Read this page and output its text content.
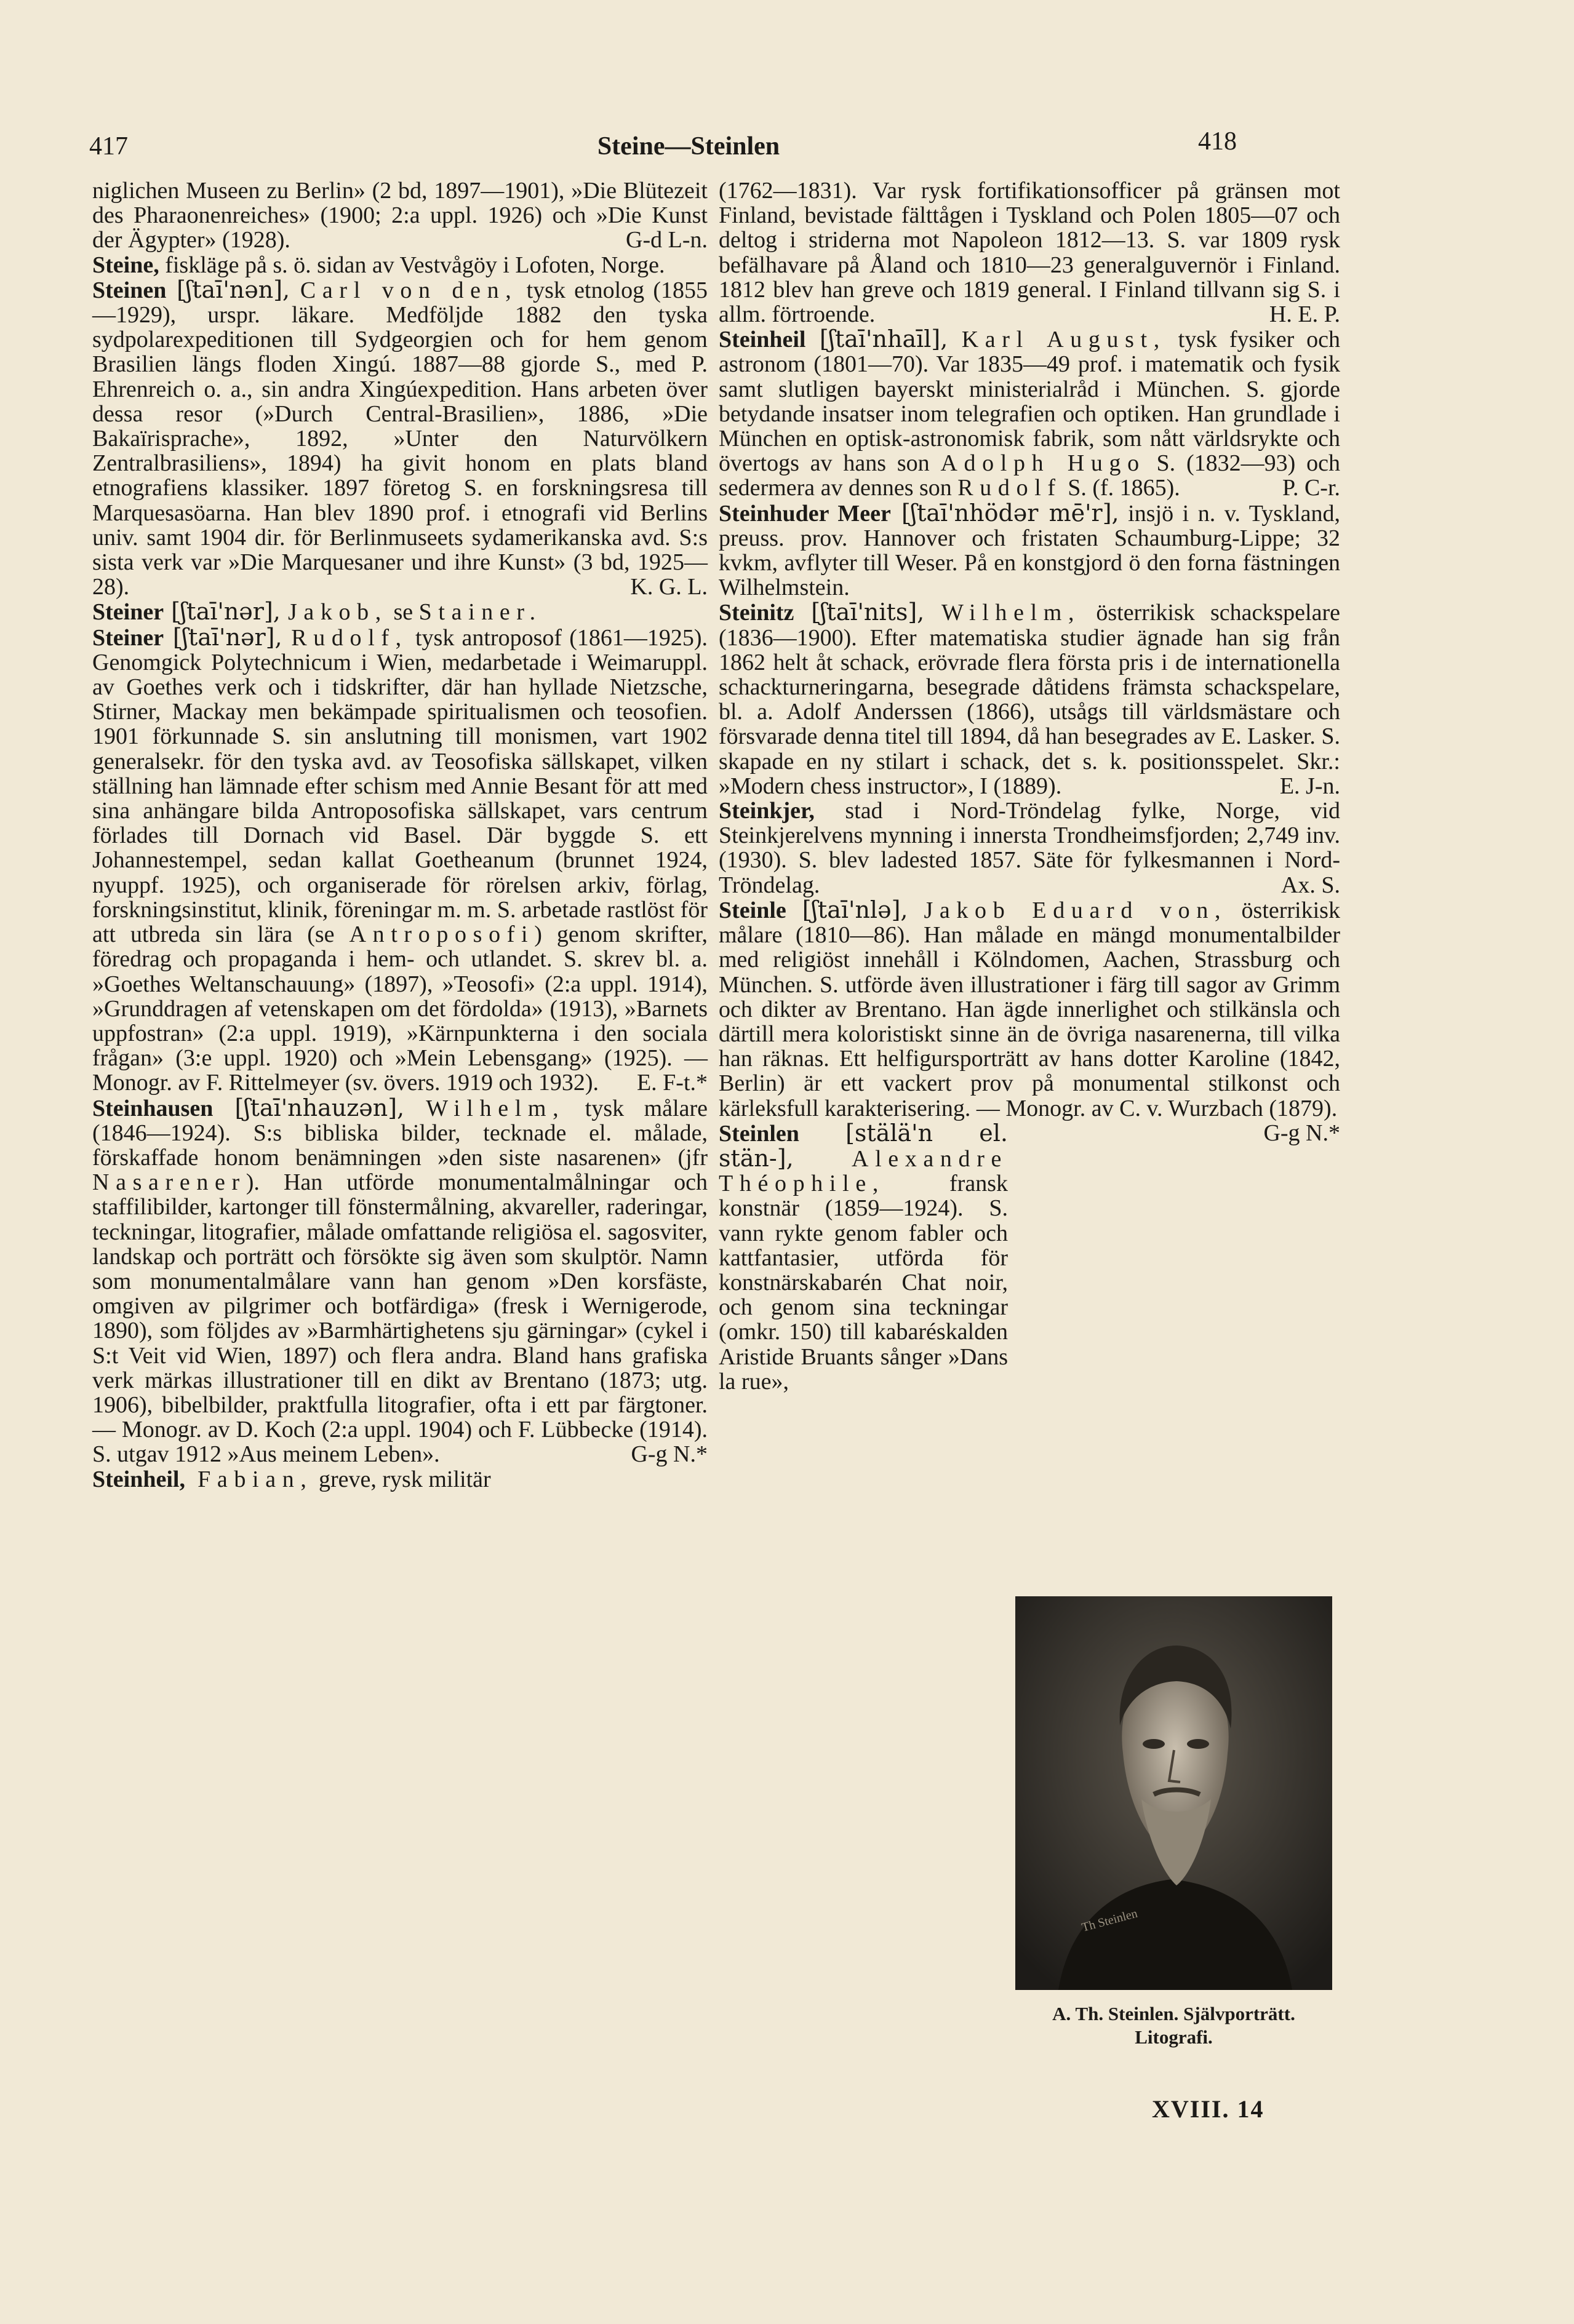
417	Steine—Steinlen	418

niglichen Museen zu Berlin» (2 bd, 1897—1901), »Die Blütezeit des Pharaonenreiches» (1900; 2:a uppl. 1926) och »Die Kunst der Ägypter» (1928).	G-d L-n.

Steine, fiskläge på s. ö. sidan av Vestvågöy i Lofoten, Norge.

Steinen [ʃtaī'nən], Carl von den, tysk etnolog (1855—1929), urspr. läkare. Medföljde 1882 den tyska sydpolarexpeditionen till Sydgeorgien och for hem genom Brasilien längs floden Xingú. 1887—88 gjorde S., med P. Ehrenreich o. a., sin andra Xingúexpedition. Hans arbeten över dessa resor (»Durch Central-Brasilien», 1886, »Die Bakaïrisprache», 1892, »Unter den Naturvölkern Zentralbrasiliens», 1894) ha givit honom en plats bland etnografiens klassiker. 1897 företog S. en forskningsresa till Marquesasöarna. Han blev 1890 prof. i etnografi vid Berlins univ. samt 1904 dir. för Berlinmuseets sydamerikanska avd. S:s sista verk var »Die Marquesaner und ihre Kunst» (3 bd, 1925—28).	K. G. L.

Steiner [ʃtaī'nər], Jakob, se Stainer.

Steiner [ʃtaī'nər], Rudolf, tysk antroposof (1861—1925). Genomgick Polytechnicum i Wien, medarbetade i Weimaruppl. av Goethes verk och i tidskrifter, där han hyllade Nietzsche, Stirner, Mackay men bekämpade spiritualismen och teosofien. 1901 förkunnade S. sin anslutning till monismen, vart 1902 generalsekr. för den tyska avd. av Teosofiska sällskapet, vilken ställning han lämnade efter schism med Annie Besant för att med sina anhängare bilda Antroposofiska sällskapet, vars centrum förlades till Dornach vid Basel. Där byggde S. ett Johannestempel, sedan kallat Goetheanum (brunnet 1924, nyuppf. 1925), och organiserade för rörelsen arkiv, förlag, forskningsinstitut, klinik, föreningar m. m. S. arbetade rastlöst för att utbreda sin lära (se Antroposofi) genom skrifter, föredrag och propaganda i hem- och utlandet. S. skrev bl. a. »Goethes Weltanschauung» (1897), »Teosofi» (2:a uppl. 1914), »Grunddragen af vetenskapen om det fördolda» (1913), »Barnets uppfostran» (2:a uppl. 1919), »Kärnpunkterna i den sociala frågan» (3:e uppl. 1920) och »Mein Lebensgang» (1925). — Monogr. av F. Rittelmeyer (sv. övers. 1919 och 1932). E. F-t.*

Steinhausen [ʃtaī'nhauzən], Wilhelm, tysk målare (1846—1924). S:s bibliska bilder, tecknade el. målade, förskaffade honom benämningen »den siste nasarenen» (jfr Nasarener). Han utförde monumentalmålningar och staffilibilder, kartonger till fönstermålning, akvareller, raderingar, teckningar, litografier, målade omfattande religiösa el. sagosviter, landskap och porträtt och försökte sig även som skulptör. Namn som monumentalmålare vann han genom »Den korsfäste, omgiven av pilgrimer och botfärdiga» (fresk i Wernigerode, 1890), som följdes av »Barmhärtighetens sju gärningar» (cykel i S:t Veit vid Wien, 1897) och flera andra. Bland hans grafiska verk märkas illustrationer till en dikt av Brentano (1873; utg. 1906), bibelbilder, praktfulla litografier, ofta i ett par färgtoner. — Monogr. av D. Koch (2:a uppl. 1904) och F. Lübbecke (1914). S. utgav 1912 »Aus meinem Leben».	G-g N.*

Steinheil, Fabian, greve, rysk militär

(1762—1831). Var rysk fortifikationsofficer på gränsen mot Finland, bevistade fälttågen i Tyskland och Polen 1805—07 och deltog i striderna mot Napoleon 1812—13. S. var 1809 rysk befälhavare på Åland och 1810—23 generalguvernör i Finland. 1812 blev han greve och 1819 general. I Finland tillvann sig S. i allm. förtroende.	H. E. P.

Steinheil [ʃtaī'nhaīl], Karl August, tysk fysiker och astronom (1801—70). Var 1835—49 prof. i matematik och fysik samt slutligen bayerskt ministerialråd i München. S. gjorde betydande insatser inom telegrafien och optiken. Han grundlade i München en optisk-astronomisk fabrik, som nått världsrykte och övertogs av hans son Adolph Hugo S. (1832—93) och sedermera av dennes son Rudolf S. (f. 1865).	P. C-r.

Steinhuder Meer [ʃtaī'nhödər mē'r], insjö i n. v. Tyskland, preuss. prov. Hannover och fristaten Schaumburg-Lippe; 32 kvkm, avflyter till Weser. På en konstgjord ö den forna fästningen Wilhelmstein.

Steinitz [ʃtaī'nits], Wilhelm, österrikisk schackspelare (1836—1900). Efter matematiska studier ägnade han sig från 1862 helt åt schack, erövrade flera första pris i de internationella schackturneringarna, besegrade dåtidens främsta schackspelare, bl. a. Adolf Anderssen (1866), utsågs till världsmästare och försvarade denna titel till 1894, då han besegrades av E. Lasker. S. skapade en ny stilart i schack, det s. k. positionsspelet. Skr.: »Modern chess instructor», I (1889).	E. J-n.

Steinkjer, stad i Nord-Tröndelag fylke, Norge, vid Steinkjerelvens mynning i innersta Trondheimsfjorden; 2,749 inv. (1930). S. blev ladested 1857. Säte för fylkesmannen i Nord-Tröndelag.	Ax. S.

Steinle [ʃtaī'nlə], Jakob Eduard von, österrikisk målare (1810—86). Han målade en mängd monumentalbilder med religiöst innehåll i Kölndomen, Aachen, Strassburg och München. S. utförde även illustrationer i färg till sagor av Grimm och dikter av Brentano. Han ägde innerlighet och stilkänsla och därtill mera koloristiskt sinne än de övriga nasarenerna, till vilka han räknas. Ett helfigursporträtt av hans dotter Karoline (1842, Berlin) är ett vackert prov på monumental stilkonst och kärleksfull karakterisering. — Monogr. av C. v. Wurzbach (1879).
G-g N.*

Steinlen [stälä'n el. stän-], Alexandre Théophile, fransk konstnär (1859—1924). S. vann rykte genom fabler och kattfantasier, utförda för konstnärskabarén Chat noir, och genom sina teckningar (omkr. 150) till kabaréskalden Aristide Bruants sånger »Dans la rue»,

Th Steinlen
A. Th. Steinlen. Självporträtt.
Litografi.
XVIII. 14
